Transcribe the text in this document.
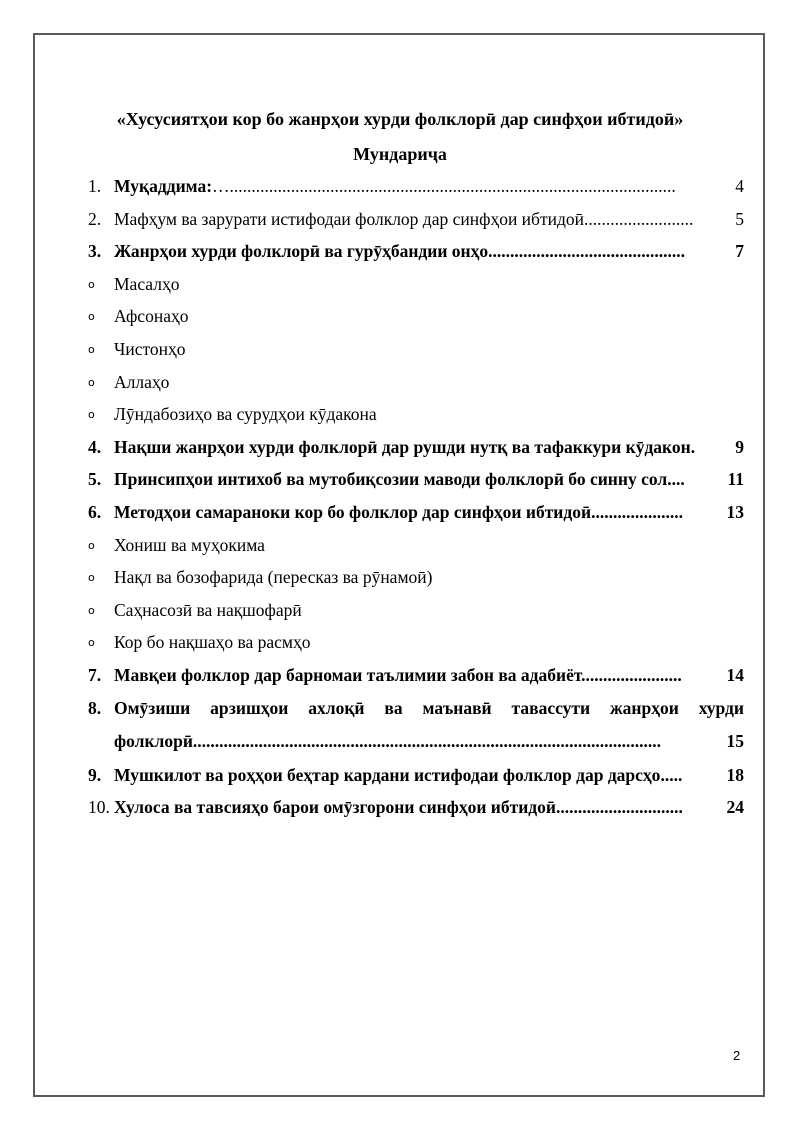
«Хусусиятҳои кор бо жанрҳои хурди фолклорӣ дар синфҳои ибтидоӣ»
Мундариҷа
1. Муқаддима:…......................................................................................................	4
2. Мафҳум ва зарурати истифодаи фолклор дар синфҳои ибтидоӣ.........................	5
3. Жанрҳои хурди фолклорӣ ва гурӯҳбандии онҳо.............................................	7
o Масалҳо
o Афсонаҳо
o Чистонҳо
o Аллаҳо
o Лӯндабозиҳо ва сурудҳои кӯдакона
4. Нақши жанрҳои хурди фолклорӣ дар рушди нутқ ва тафаккури кӯдакон.	9
5. Принсипҳои интихоб ва мутобиқсозии маводи фолклорӣ бо синну сол....	11
6. Методҳои самараноки кор бо фолклор дар синфҳои ибтидоӣ.....................	13
o Хониш ва муҳокима
o Нақл ва бозофарида (пересказ ва рӯнамоӣ)
o Саҳнасозӣ ва нақшофарӣ
o Кор бо нақшаҳо ва расмҳо
7. Мавқеи фолклор дар барномаи таълимии забон ва адабиёт.......................	14
8. Омӯзиши арзишҳои ахлоқӣ ва маънавӣ тавассути жанрҳои хурди
фолклорӣ...........................................................................................................	15
9. Мушкилот ва роҳҳои беҳтар кардани истифодаи фолклор дар дарсҳо.....	18
10. Хулоса ва тавсияҳо барои омӯзгорони синфҳои ибтидоӣ.............................	24
2
